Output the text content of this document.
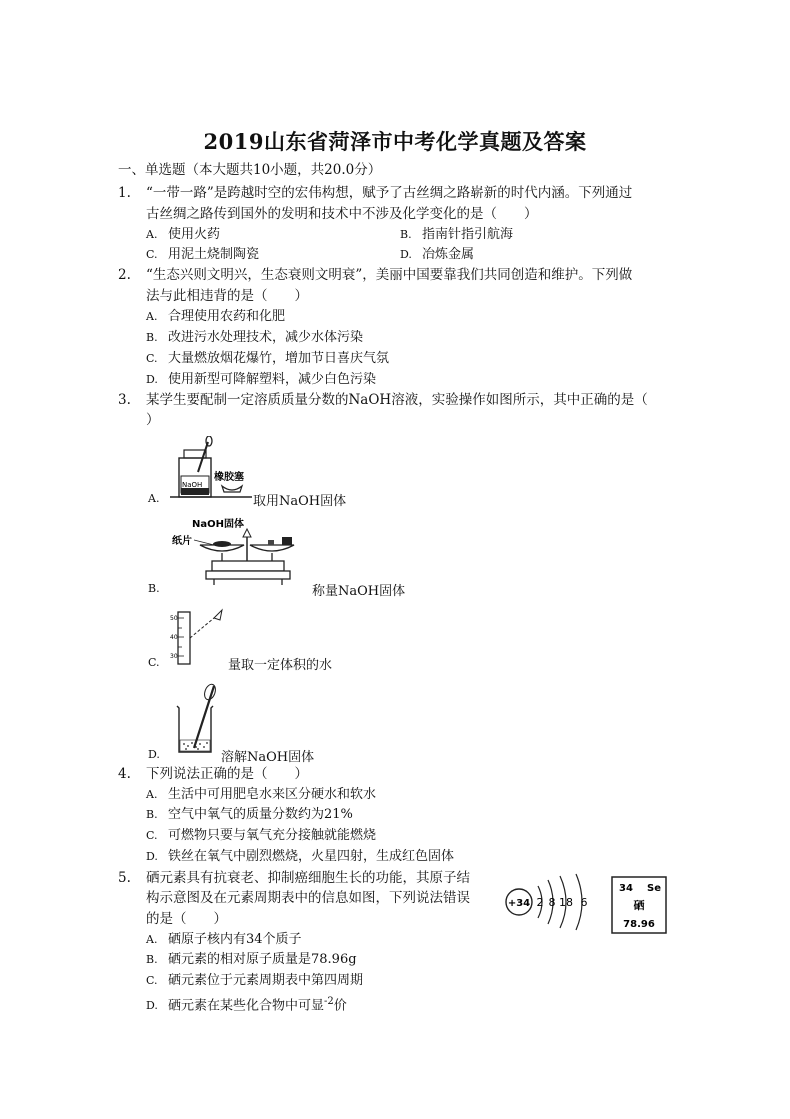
2019山东省菏泽市中考化学真题及答案
一、单选题（本大题共10小题，共20.0分）
1. “一带一路”是跨越时空的宏伟构想，赋予了古丝绸之路崭新的时代内涵。下列通过
古丝绸之路传到国外的发明和技术中不涉及化学变化的是（　　）
A. 使用火药	B. 指南针指引航海
C. 用泥土烧制陶瓷	D. 冶炼金属
2. “生态兴则文明兴，生态衰则文明衰”，美丽中国要靠我们共同创造和维护。下列做
法与此相违背的是（　　）
A. 合理使用农药和化肥
B. 改进污水处理技术，减少水体污染
C. 大量燃放烟花爆竹，增加节日喜庆气氛
D. 使用新型可降解塑料，减少白色污染
3. 某学生要配制一定溶质质量分数的NaOH溶液，实验操作如图所示，其中正确的是（
）
NaOH
橡胶塞
A.	取用NaOH固体
NaOH固体
纸片
B.	称量NaOH固体
50
40
30
C.	量取一定体积的水
D.	溶解NaOH固体
4. 下列说法正确的是（　　）
A. 生活中可用肥皂水来区分硬水和软水
B. 空气中氧气的质量分数约为21%
C. 可燃物只要与氧气充分接触就能燃烧
D. 铁丝在氧气中剧烈燃烧，火星四射，生成红色固体
5. 硒元素具有抗衰老、抑制癌细胞生长的功能，其原子结
构示意图及在元素周期表中的信息如图，下列说法错误
的是（　　）
A. 硒原子核内有34个质子
B. 硒元素的相对原子质量是78.96g
C. 硒元素位于元素周期表中第四周期
D. 硒元素在某些化合物中可显$^{-2}$价
+34 2 8 18 6
34 Se
硒
78.96
